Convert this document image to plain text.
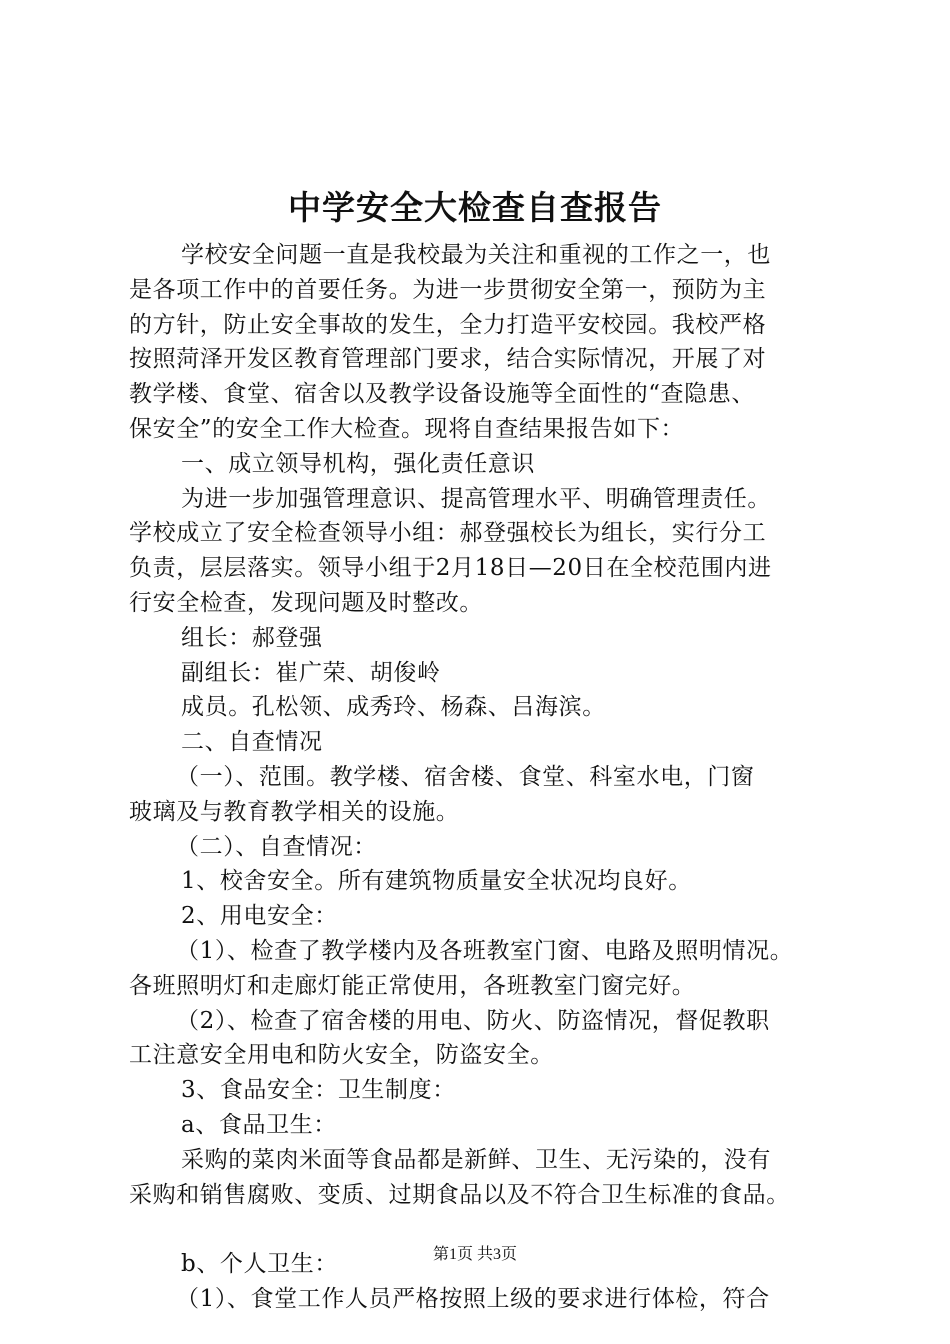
中学安全大检查自查报告
学校安全问题一直是我校最为关注和重视的工作之一，也
是各项工作中的首要任务。为进一步贯彻安全第一，预防为主
的方针，防止安全事故的发生，全力打造平安校园。我校严格
按照菏泽开发区教育管理部门要求，结合实际情况，开展了对
教学楼、食堂、宿舍以及教学设备设施等全面性的“查隐患、
保安全”的安全工作大检查。现将自查结果报告如下：
一、成立领导机构，强化责任意识
为进一步加强管理意识、提高管理水平、明确管理责任。
学校成立了安全检查领导小组：郝登强校长为组长，实行分工
负责，层层落实。领导小组于2月18日—20日在全校范围内进
行安全检查，发现问题及时整改。
组长：郝登强
副组长：崔广荣、胡俊岭
成员。孔松领、成秀玲、杨森、吕海滨。
二、自查情况
（一）、范围。教学楼、宿舍楼、食堂、科室水电，门窗
玻璃及与教育教学相关的设施。
（二）、自查情况：
1、校舍安全。所有建筑物质量安全状况均良好。
2、用电安全：
（1）、检查了教学楼内及各班教室门窗、电路及照明情况。
各班照明灯和走廊灯能正常使用，各班教室门窗完好。
（2）、检查了宿舍楼的用电、防火、防盗情况，督促教职
工注意安全用电和防火安全，防盗安全。
3、食品安全：卫生制度：
a、食品卫生：
采购的菜肉米面等食品都是新鲜、卫生、无污染的，没有
采购和销售腐败、变质、过期食品以及不符合卫生标准的食品。
b、个人卫生：
（1）、食堂工作人员严格按照上级的要求进行体检，符合
第1页 共3页
